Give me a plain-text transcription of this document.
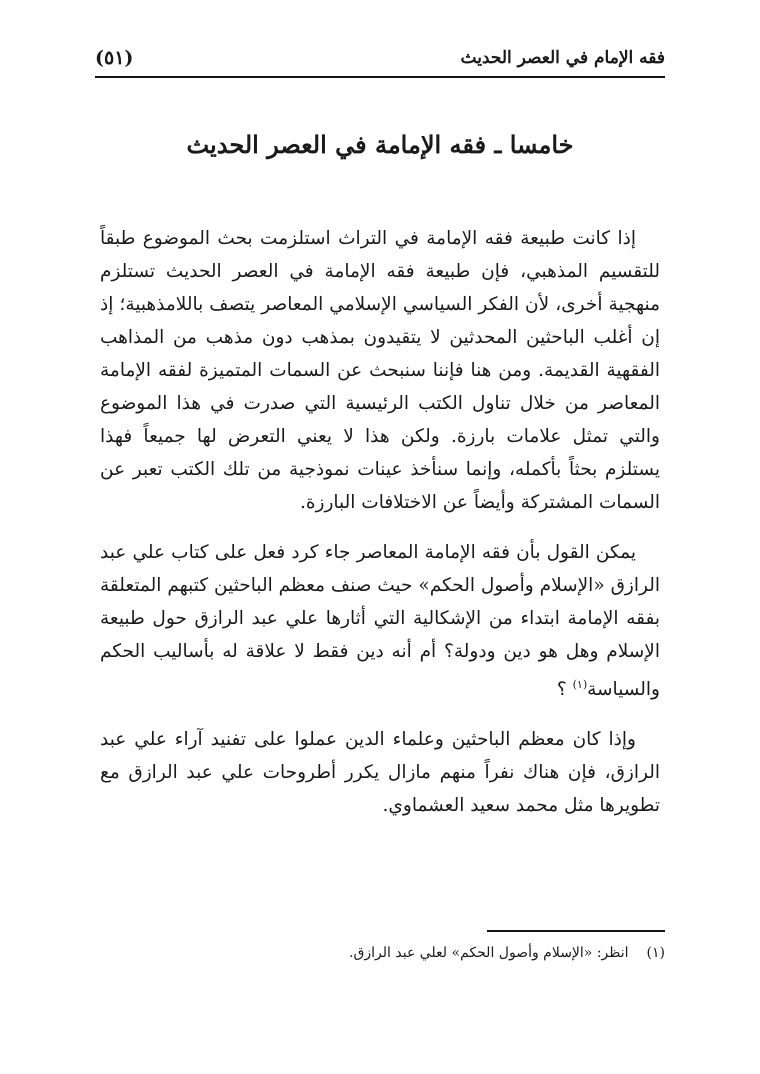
فقه الإمام في العصر الحديث
(٥١)
خامسا ـ فقه الإمامة في العصر الحديث

إذا كانت طبيعة فقه الإمامة في التراث استلزمت بحث الموضوع طبقاً للتقسيم المذهبي، فإن طبيعة فقه الإمامة في العصر الحديث تستلزم منهجية أخرى، لأن الفكر السياسي الإسلامي المعاصر يتصف باللامذهبية؛ إذ إن أغلب الباحثين المحدثين لا يتقيدون بمذهب دون مذهب من المذاهب الفقهية القديمة. ومن هنا فإننا سنبحث عن السمات المتميزة لفقه الإمامة المعاصر من خلال تناول الكتب الرئيسية التي صدرت في هذا الموضوع والتي تمثل علامات بارزة. ولكن هذا لا يعني التعرض لها جميعاً فهذا يستلزم بحثاً بأكمله، وإنما سنأخذ عينات نموذجية من تلك الكتب تعبر عن السمات المشتركة وأيضاً عن الاختلافات البارزة.

يمكن القول بأن فقه الإمامة المعاصر جاء كرد فعل على كتاب علي عبد الرازق «الإسلام وأصول الحكم» حيث صنف معظم الباحثين كتبهم المتعلقة بفقه الإمامة ابتداء من الإشكالية التي أثارها علي عبد الرازق حول طبيعة الإسلام وهل هو دين ودولة؟ أم أنه دين فقط لا علاقة له بأساليب الحكم والسياسة$^{(١)}$ ؟

وإذا كان معظم الباحثين وعلماء الدين عملوا على تفنيد آراء علي عبد الرازق، فإن هناك نفراً منهم مازال يكرر أطروحات علي عبد الرازق مع تطويرها مثل محمد سعيد العشماوي.

(١)
انظر: «الإسلام وأصول الحكم» لعلي عبد الرازق.
